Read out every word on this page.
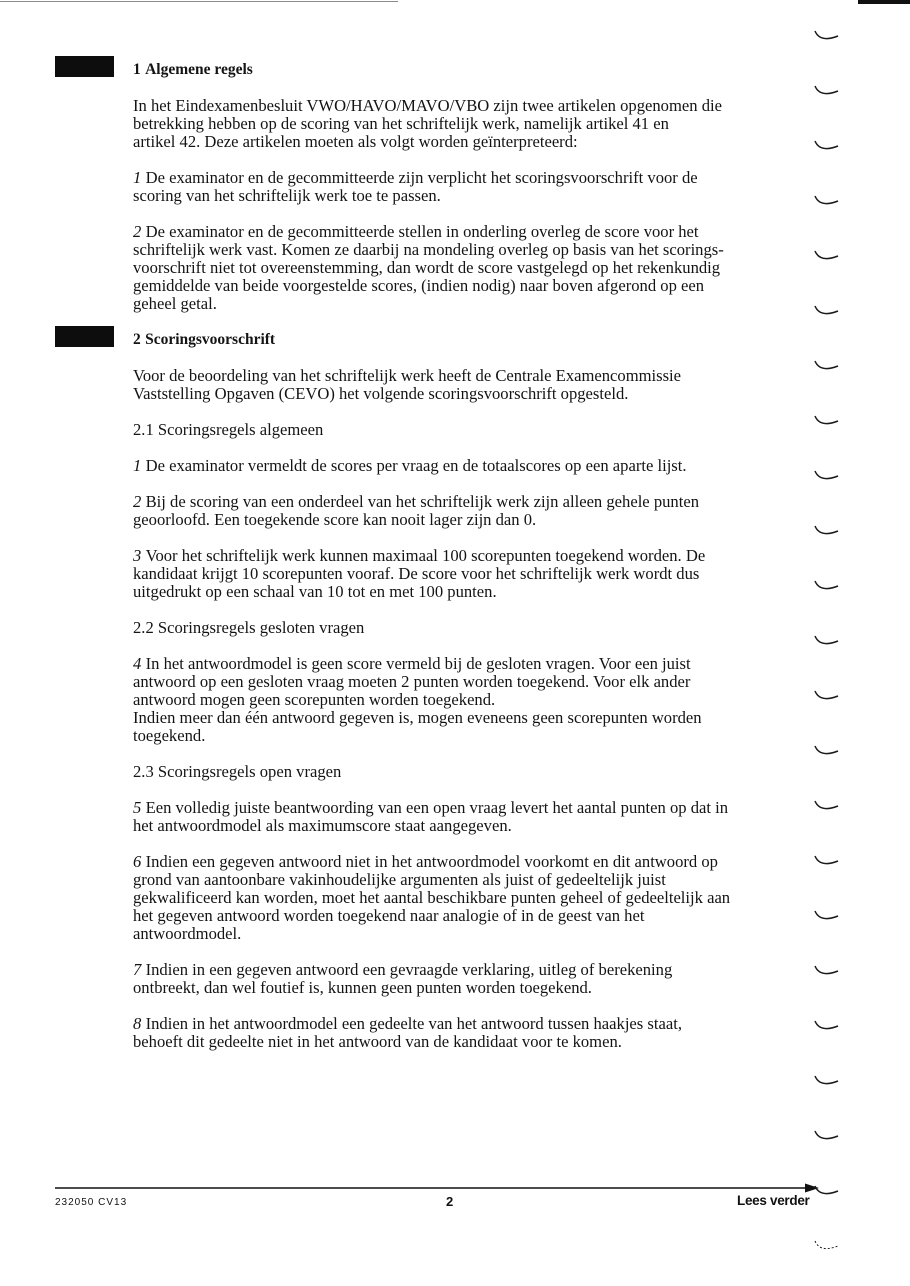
1 Algemene regels
In het Eindexamenbesluit VWO/HAVO/MAVO/VBO zijn twee artikelen opgenomen die
betrekking hebben op de scoring van het schriftelijk werk, namelijk artikel 41 en
artikel 42. Deze artikelen moeten als volgt worden geïnterpreteerd:
1 De examinator en de gecommitteerde zijn verplicht het scoringsvoorschrift voor de
scoring van het schriftelijk werk toe te passen.
2 De examinator en de gecommitteerde stellen in onderling overleg de score voor het
schriftelijk werk vast. Komen ze daarbij na mondeling overleg op basis van het scorings-
voorschrift niet tot overeenstemming, dan wordt de score vastgelegd op het rekenkundig
gemiddelde van beide voorgestelde scores, (indien nodig) naar boven afgerond op een
geheel getal.
2 Scoringsvoorschrift
Voor de beoordeling van het schriftelijk werk heeft de Centrale Examencommissie
Vaststelling Opgaven (CEVO) het volgende scoringsvoorschrift opgesteld.
2.1 Scoringsregels algemeen
1 De examinator vermeldt de scores per vraag en de totaalscores op een aparte lijst.
2 Bij de scoring van een onderdeel van het schriftelijk werk zijn alleen gehele punten
geoorloofd. Een toegekende score kan nooit lager zijn dan 0.
3 Voor het schriftelijk werk kunnen maximaal 100 scorepunten toegekend worden. De
kandidaat krijgt 10 scorepunten vooraf. De score voor het schriftelijk werk wordt dus
uitgedrukt op een schaal van 10 tot en met 100 punten.
2.2 Scoringsregels gesloten vragen
4 In het antwoordmodel is geen score vermeld bij de gesloten vragen. Voor een juist
antwoord op een gesloten vraag moeten 2 punten worden toegekend. Voor elk ander
antwoord mogen geen scorepunten worden toegekend.
Indien meer dan één antwoord gegeven is, mogen eveneens geen scorepunten worden
toegekend.
2.3 Scoringsregels open vragen
5 Een volledig juiste beantwoording van een open vraag levert het aantal punten op dat in
het antwoordmodel als maximumscore staat aangegeven.
6 Indien een gegeven antwoord niet in het antwoordmodel voorkomt en dit antwoord op
grond van aantoonbare vakinhoudelijke argumenten als juist of gedeeltelijk juist
gekwalificeerd kan worden, moet het aantal beschikbare punten geheel of gedeeltelijk aan
het gegeven antwoord worden toegekend naar analogie of in de geest van het
antwoordmodel.
7 Indien in een gegeven antwoord een gevraagde verklaring, uitleg of berekening
ontbreekt, dan wel foutief is, kunnen geen punten worden toegekend.
8 Indien in het antwoordmodel een gedeelte van het antwoord tussen haakjes staat,
behoeft dit gedeelte niet in het antwoord van de kandidaat voor te komen.
232050 CV13	2	Lees verder
